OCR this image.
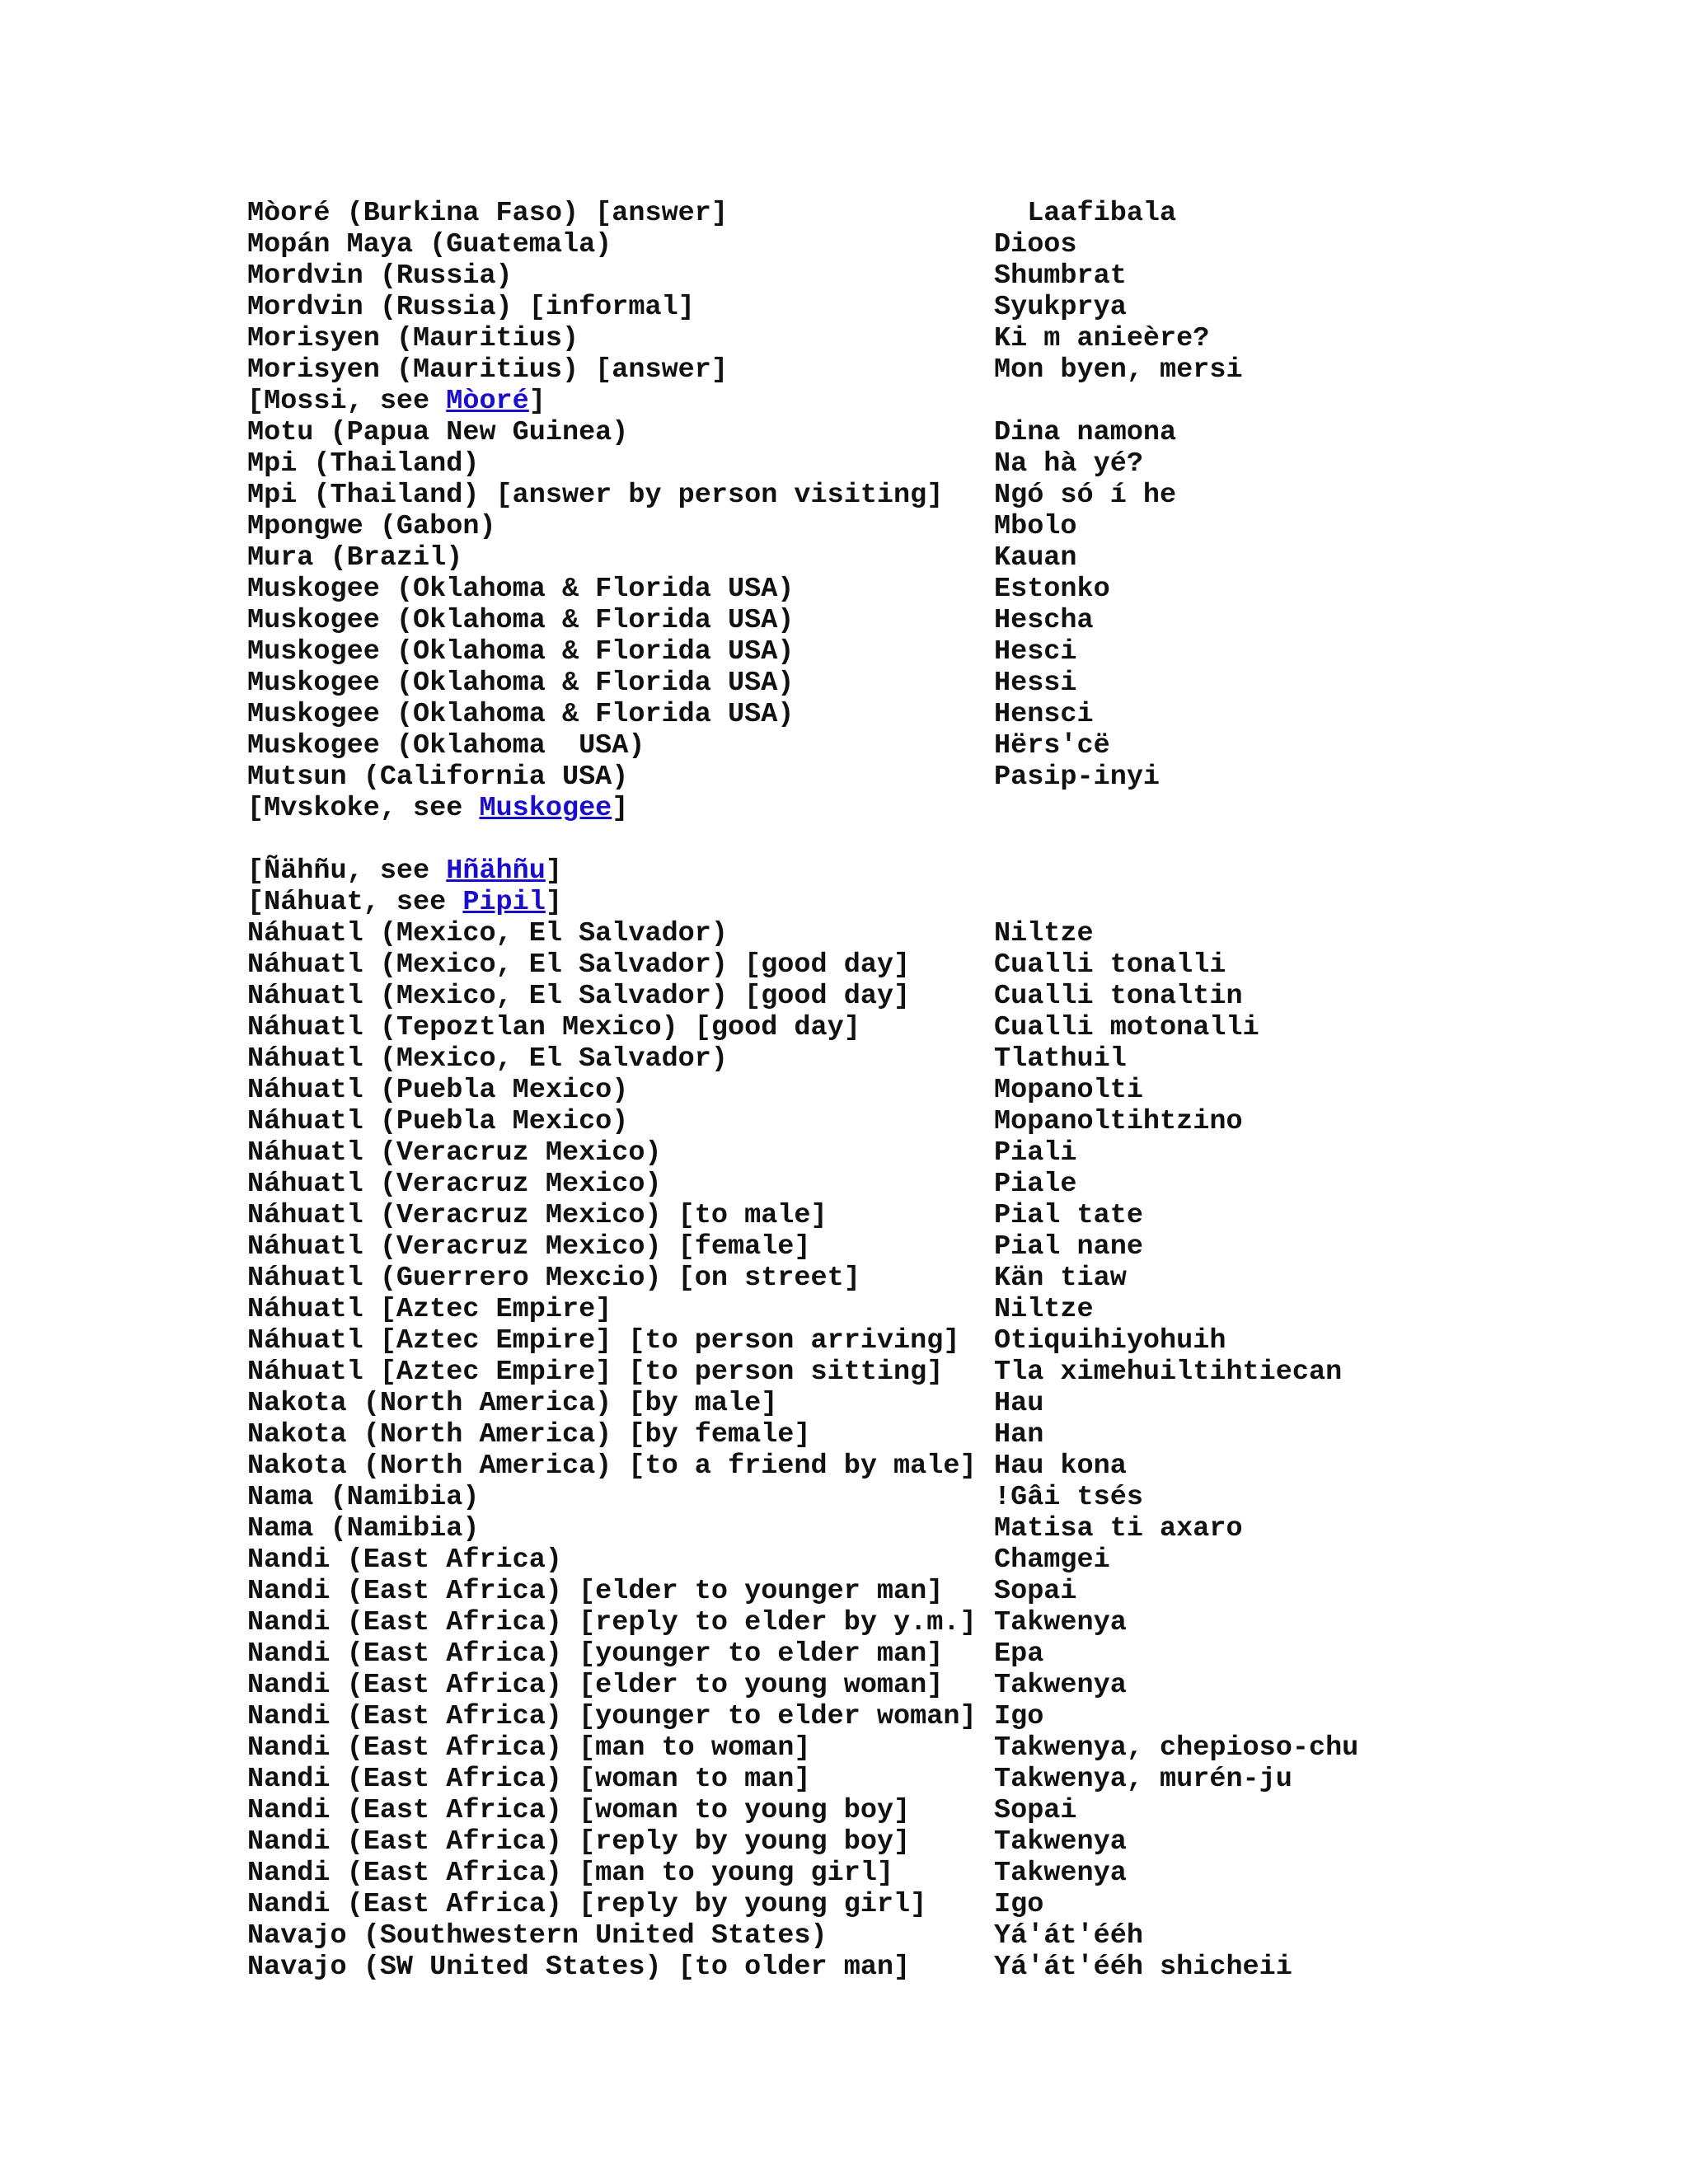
Mòoré (Burkina Faso) [answer]	Laafibala
Mopán Maya (Guatemala)	Dioos
Mordvin (Russia)	Shumbrat
Mordvin (Russia) [informal]	Syukprya
Morisyen (Mauritius)	Ki m anieère?
Morisyen (Mauritius) [answer]	Mon byen, mersi
[Mossi, see Mòoré]
Motu (Papua New Guinea)	Dina namona
Mpi (Thailand)	Na hà yé?
Mpi (Thailand) [answer by person visiting] Ngó só í he
Mpongwe (Gabon)	Mbolo
Mura (Brazil)	Kauan
Muskogee (Oklahoma & Florida USA)	Estonko
Muskogee (Oklahoma & Florida USA)	Hescha
Muskogee (Oklahoma & Florida USA)	Hesci
Muskogee (Oklahoma & Florida USA)	Hessi
Muskogee (Oklahoma & Florida USA)	Hensci
Muskogee (Oklahoma  USA)	Hërs'cë
Mutsun (California USA)	Pasip-inyi
[Mvskoke, see Muskogee]
[Ñähñu, see Hñähñu]
[Náhuat, see Pipil]
Náhuatl (Mexico, El Salvador)	Niltze
Náhuatl (Mexico, El Salvador) [good day]	Cualli tonalli
Náhuatl (Mexico, El Salvador) [good day]	Cualli tonaltin
Náhuatl (Tepoztlan Mexico) [good day]	Cualli motonalli
Náhuatl (Mexico, El Salvador)	Tlathuil
Náhuatl (Puebla Mexico)	Mopanolti
Náhuatl (Puebla Mexico)	Mopanoltihtzino
Náhuatl (Veracruz Mexico)	Piali
Náhuatl (Veracruz Mexico)	Piale
Náhuatl (Veracruz Mexico) [to male]	Pial tate
Náhuatl (Veracruz Mexico) [female]	Pial nane
Náhuatl (Guerrero Mexcio) [on street]	Kän tiaw
Náhuatl [Aztec Empire]	Niltze
Náhuatl [Aztec Empire] [to person arriving] Otiquihiyohuih
Náhuatl [Aztec Empire] [to person sitting] Tla ximehuiltihtiecan
Nakota (North America) [by male]	Hau
Nakota (North America) [by female]	Han
Nakota (North America) [to a friend by male] Hau kona
Nama (Namibia)	!Gâi tsés
Nama (Namibia)	Matisa ti axaro
Nandi (East Africa)	Chamgei
Nandi (East Africa) [elder to younger man] Sopai
Nandi (East Africa) [reply to elder by y.m.] Takwenya
Nandi (East Africa) [younger to elder man] Epa
Nandi (East Africa) [elder to young woman] Takwenya
Nandi (East Africa) [younger to elder woman] Igo
Nandi (East Africa) [man to woman]	Takwenya, chepioso-chu
Nandi (East Africa) [woman to man]	Takwenya, murén-ju
Nandi (East Africa) [woman to young boy]	Sopai
Nandi (East Africa) [reply by young boy]	Takwenya
Nandi (East Africa) [man to young girl]	Takwenya
Nandi (East Africa) [reply by young girl] Igo
Navajo (Southwestern United States)	Yá'át'ééh
Navajo (SW United States) [to older man]	Yá'át'ééh shicheii
